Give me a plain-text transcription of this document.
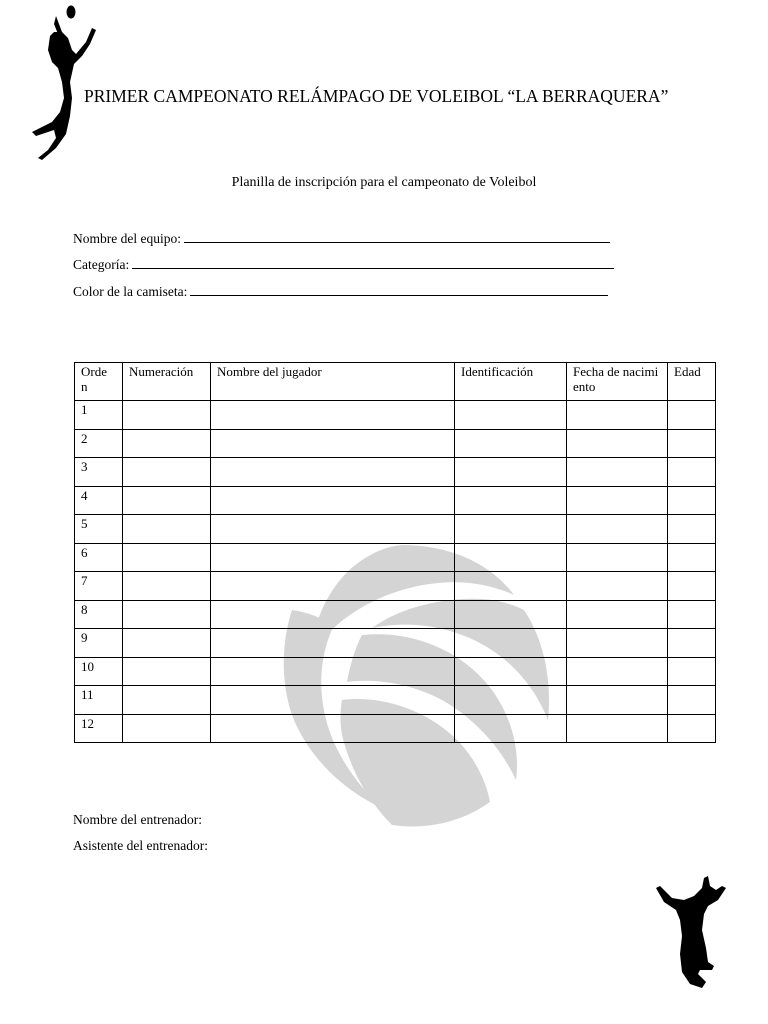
PRIMER CAMPEONATO RELÁMPAGO DE VOLEIBOL “LA BERRAQUERA”
Planilla de inscripción para el campeonato de Voleibol
Nombre del equipo:
Categoría:
Color de la camiseta:
Orde n	Numeración	Nombre del jugador	Identificación	Fecha de nacimiento	Edad
1					
2					
3					
4					
5					
6					
7					
8					
9					
10					
11					
12					
Nombre del entrenador:
Asistente del entrenador:
